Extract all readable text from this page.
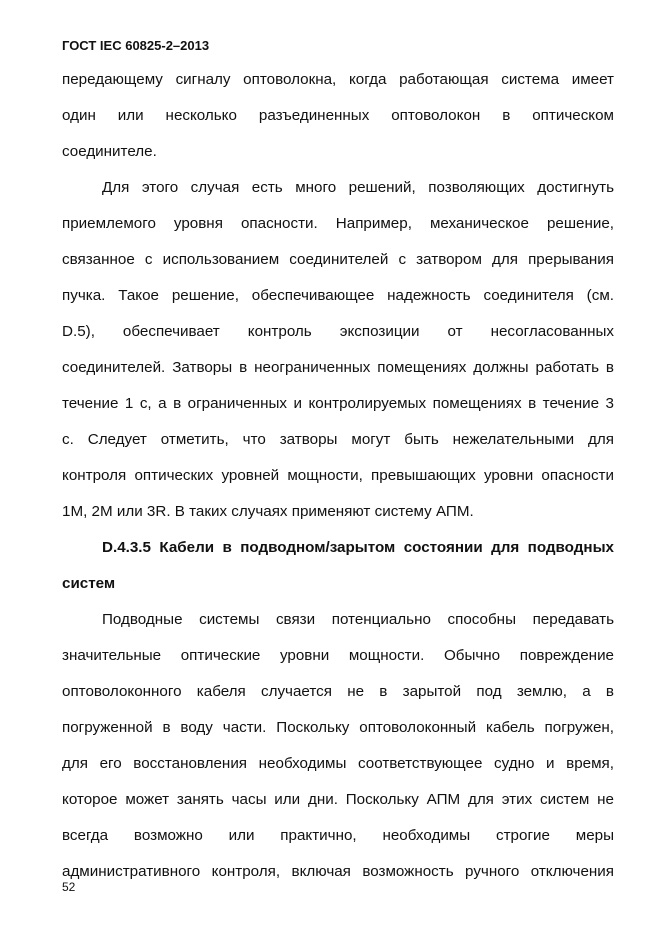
ГОСТ IEC 60825-2–2013
передающему сигналу оптоволокна, когда работающая система имеет
один или несколько разъединенных оптоволокон в оптическом
соединителе.
Для этого случая есть много решений, позволяющих достигнуть
приемлемого уровня опасности. Например, механическое решение,
связанное с использованием соединителей с затвором для прерывания
пучка. Такое решение, обеспечивающее надежность соединителя (см.
D.5), обеспечивает контроль экспозиции от несогласованных
соединителей. Затворы в неограниченных помещениях должны работать в
течение 1 с, а в ограниченных и контролируемых помещениях в течение 3
с. Следует отметить, что затворы могут быть нежелательными для
контроля оптических уровней мощности, превышающих уровни опасности
1М, 2М или 3R. В таких случаях применяют систему АПМ.
D.4.3.5 Кабели в подводном/зарытом состоянии для подводных
систем
Подводные системы связи потенциально способны передавать
значительные оптические уровни мощности. Обычно повреждение
оптоволоконного кабеля случается не в зарытой под землю, а в
погруженной в воду части. Поскольку оптоволоконный кабель погружен,
для его восстановления необходимы соответствующее судно и время,
которое может занять часы или дни. Поскольку АПМ для этих систем не
всегда возможно или практично, необходимы строгие меры
административного контроля, включая возможность ручного отключения
52
